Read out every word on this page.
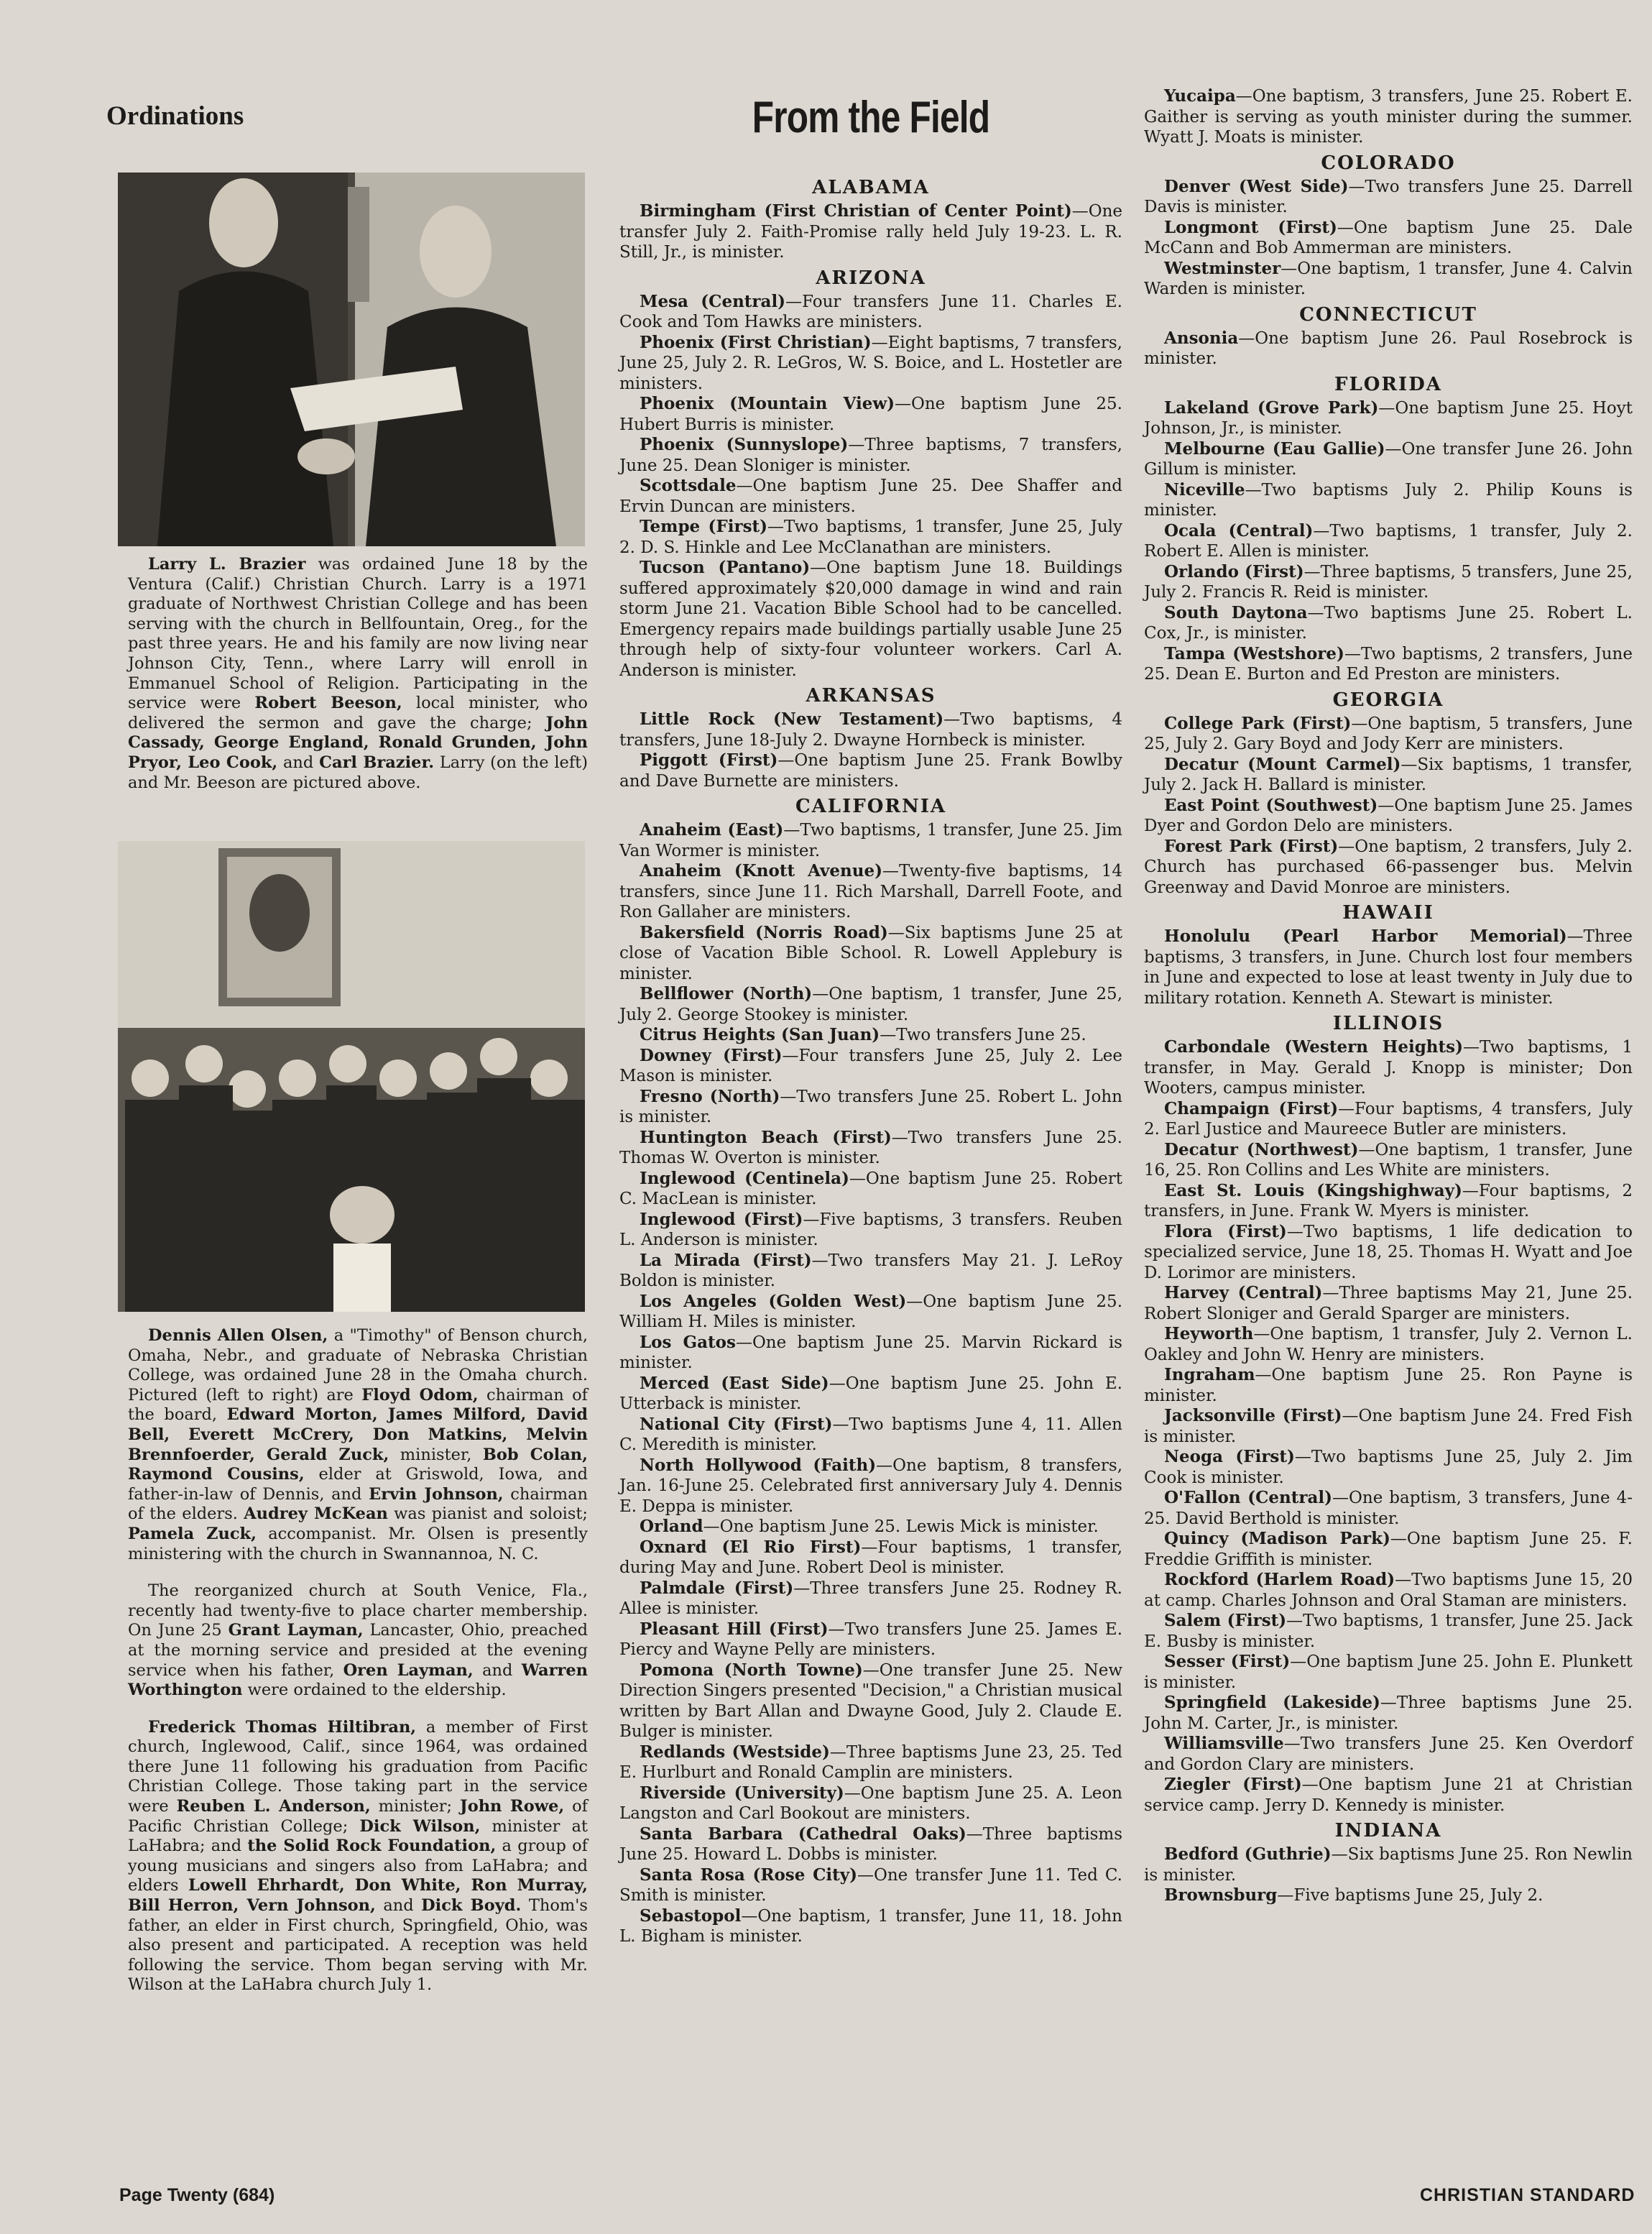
Ordinations

Larry L. Brazier was ordained June 18 by the Ventura (Calif.) Christian Church. Larry is a 1971 graduate of Northwest Christian College and has been serving with the church in Bellfountain, Oreg., for the past three years. He and his family are now living near Johnson City, Tenn., where Larry will enroll in Emmanuel School of Religion. Participating in the service were Robert Beeson, local minister, who delivered the sermon and gave the charge; John Cassady, George England, Ronald Grunden, John Pryor, Leo Cook, and Carl Brazier. Larry (on the left) and Mr. Beeson are pictured above.

Dennis Allen Olsen, a "Timothy" of Benson church, Omaha, Nebr., and graduate of Nebraska Christian College, was ordained June 28 in the Omaha church. Pictured (left to right) are Floyd Odom, chairman of the board, Edward Morton, James Milford, David Bell, Everett McCrery, Don Matkins, Melvin Brennfoerder, Gerald Zuck, minister, Bob Colan, Raymond Cousins, elder at Griswold, Iowa, and father-in-law of Dennis, and Ervin Johnson, chairman of the elders. Audrey McKean was pianist and soloist; Pamela Zuck, accompanist. Mr. Olsen is presently ministering with the church in Swannannoa, N. C.

The reorganized church at South Venice, Fla., recently had twenty-five to place charter membership. On June 25 Grant Layman, Lancaster, Ohio, preached at the morning service and presided at the evening service when his father, Oren Layman, and Warren Worthington were ordained to the eldership.

Frederick Thomas Hiltibran, a member of First church, Inglewood, Calif., since 1964, was ordained there June 11 following his graduation from Pacific Christian College. Those taking part in the service were Reuben L. Anderson, minister; John Rowe, of Pacific Christian College; Dick Wilson, minister at LaHabra; and the Solid Rock Foundation, a group of young musicians and singers also from LaHabra; and elders Lowell Ehrhardt, Don White, Ron Murray, Bill Herron, Vern Johnson, and Dick Boyd. Thom's father, an elder in First church, Springfield, Ohio, was also present and participated. A reception was held following the service. Thom began serving with Mr. Wilson at the LaHabra church July 1.

From the Field
ALABAMA

Birmingham (First Christian of Center Point)—One transfer July 2. Faith-Promise rally held July 19-23. L. R. Still, Jr., is minister.

ARIZONA

Mesa (Central)—Four transfers June 11. Charles E. Cook and Tom Hawks are ministers.

Phoenix (First Christian)—Eight baptisms, 7 transfers, June 25, July 2. R. LeGros, W. S. Boice, and L. Hostetler are ministers.

Phoenix (Mountain View)—One baptism June 25. Hubert Burris is minister.

Phoenix (Sunnyslope)—Three baptisms, 7 transfers, June 25. Dean Sloniger is minister.

Scottsdale—One baptism June 25. Dee Shaffer and Ervin Duncan are ministers.

Tempe (First)—Two baptisms, 1 transfer, June 25, July 2. D. S. Hinkle and Lee McClanathan are ministers.

Tucson (Pantano)—One baptism June 18. Buildings suffered approximately $20,000 damage in wind and rain storm June 21. Vacation Bible School had to be cancelled. Emergency repairs made buildings partially usable June 25 through help of sixty-four volunteer workers. Carl A. Anderson is minister.

ARKANSAS

Little Rock (New Testament)—Two baptisms, 4 transfers, June 18-July 2. Dwayne Hornbeck is minister.

Piggott (First)—One baptism June 25. Frank Bowlby and Dave Burnette are ministers.

CALIFORNIA

Anaheim (East)—Two baptisms, 1 transfer, June 25. Jim Van Wormer is minister.

Anaheim (Knott Avenue)—Twenty-five baptisms, 14 transfers, since June 11. Rich Marshall, Darrell Foote, and Ron Gallaher are ministers.

Bakersfield (Norris Road)—Six baptisms June 25 at close of Vacation Bible School. R. Lowell Applebury is minister.

Bellflower (North)—One baptism, 1 transfer, June 25, July 2. George Stookey is minister.

Citrus Heights (San Juan)—Two transfers June 25.

Downey (First)—Four transfers June 25, July 2. Lee Mason is minister.

Fresno (North)—Two transfers June 25. Robert L. John is minister.

Huntington Beach (First)—Two transfers June 25. Thomas W. Overton is minister.

Inglewood (Centinela)—One baptism June 25. Robert C. MacLean is minister.

Inglewood (First)—Five baptisms, 3 transfers. Reuben L. Anderson is minister.

La Mirada (First)—Two transfers May 21. J. LeRoy Boldon is minister.

Los Angeles (Golden West)—One baptism June 25. William H. Miles is minister.

Los Gatos—One baptism June 25. Marvin Rickard is minister.

Merced (East Side)—One baptism June 25. John E. Utterback is minister.

National City (First)—Two baptisms June 4, 11. Allen C. Meredith is minister.

North Hollywood (Faith)—One baptism, 8 transfers, Jan. 16-June 25. Celebrated first anniversary July 4. Dennis E. Deppa is minister.

Orland—One baptism June 25. Lewis Mick is minister.

Oxnard (El Rio First)—Four baptisms, 1 transfer, during May and June. Robert Deol is minister.

Palmdale (First)—Three transfers June 25. Rodney R. Allee is minister.

Pleasant Hill (First)—Two transfers June 25. James E. Piercy and Wayne Pelly are ministers.

Pomona (North Towne)—One transfer June 25. New Direction Singers presented "Decision," a Christian musical written by Bart Allan and Dwayne Good, July 2. Claude E. Bulger is minister.

Redlands (Westside)—Three baptisms June 23, 25. Ted E. Hurlburt and Ronald Camplin are ministers.

Riverside (University)—One baptism June 25. A. Leon Langston and Carl Bookout are ministers.

Santa Barbara (Cathedral Oaks)—Three baptisms June 25. Howard L. Dobbs is minister.

Santa Rosa (Rose City)—One transfer June 11. Ted C. Smith is minister.

Sebastopol—One baptism, 1 transfer, June 11, 18. John L. Bigham is minister.

Yucaipa—One baptism, 3 transfers, June 25. Robert E. Gaither is serving as youth minister during the summer. Wyatt J. Moats is minister.

COLORADO

Denver (West Side)—Two transfers June 25. Darrell Davis is minister.

Longmont (First)—One baptism June 25. Dale McCann and Bob Ammerman are ministers.

Westminster—One baptism, 1 transfer, June 4. Calvin Warden is minister.

CONNECTICUT

Ansonia—One baptism June 26. Paul Rosebrock is minister.

FLORIDA

Lakeland (Grove Park)—One baptism June 25. Hoyt Johnson, Jr., is minister.

Melbourne (Eau Gallie)—One transfer June 26. John Gillum is minister.

Niceville—Two baptisms July 2. Philip Kouns is minister.

Ocala (Central)—Two baptisms, 1 transfer, July 2. Robert E. Allen is minister.

Orlando (First)—Three baptisms, 5 transfers, June 25, July 2. Francis R. Reid is minister.

South Daytona—Two baptisms June 25. Robert L. Cox, Jr., is minister.

Tampa (Westshore)—Two baptisms, 2 transfers, June 25. Dean E. Burton and Ed Preston are ministers.

GEORGIA

College Park (First)—One baptism, 5 transfers, June 25, July 2. Gary Boyd and Jody Kerr are ministers.

Decatur (Mount Carmel)—Six baptisms, 1 transfer, July 2. Jack H. Ballard is minister.

East Point (Southwest)—One baptism June 25. James Dyer and Gordon Delo are ministers.

Forest Park (First)—One baptism, 2 transfers, July 2. Church has purchased 66-passenger bus. Melvin Greenway and David Monroe are ministers.

HAWAII

Honolulu (Pearl Harbor Memorial)—Three baptisms, 3 transfers, in June. Church lost four members in June and expected to lose at least twenty in July due to military rotation. Kenneth A. Stewart is minister.

ILLINOIS

Carbondale (Western Heights)—Two baptisms, 1 transfer, in May. Gerald J. Knopp is minister; Don Wooters, campus minister.

Champaign (First)—Four baptisms, 4 transfers, July 2. Earl Justice and Maureece Butler are ministers.

Decatur (Northwest)—One baptism, 1 transfer, June 16, 25. Ron Collins and Les White are ministers.

East St. Louis (Kingshighway)—Four baptisms, 2 transfers, in June. Frank W. Myers is minister.

Flora (First)—Two baptisms, 1 life dedication to specialized service, June 18, 25. Thomas H. Wyatt and Joe D. Lorimor are ministers.

Harvey (Central)—Three baptisms May 21, June 25. Robert Sloniger and Gerald Sparger are ministers.

Heyworth—One baptism, 1 transfer, July 2. Vernon L. Oakley and John W. Henry are ministers.

Ingraham—One baptism June 25. Ron Payne is minister.

Jacksonville (First)—One baptism June 24. Fred Fish is minister.

Neoga (First)—Two baptisms June 25, July 2. Jim Cook is minister.

O'Fallon (Central)—One baptism, 3 transfers, June 4-25. David Berthold is minister.

Quincy (Madison Park)—One baptism June 25. F. Freddie Griffith is minister.

Rockford (Harlem Road)—Two baptisms June 15, 20 at camp. Charles Johnson and Oral Staman are ministers.

Salem (First)—Two baptisms, 1 transfer, June 25. Jack E. Busby is minister.

Sesser (First)—One baptism June 25. John E. Plunkett is minister.

Springfield (Lakeside)—Three baptisms June 25. John M. Carter, Jr., is minister.

Williamsville—Two transfers June 25. Ken Overdorf and Gordon Clary are ministers.

Ziegler (First)—One baptism June 21 at Christian service camp. Jerry D. Kennedy is minister.

INDIANA

Bedford (Guthrie)—Six baptisms June 25. Ron Newlin is minister.

Brownsburg—Five baptisms June 25, July 2.

Page Twenty (684)	CHRISTIAN STANDARD
